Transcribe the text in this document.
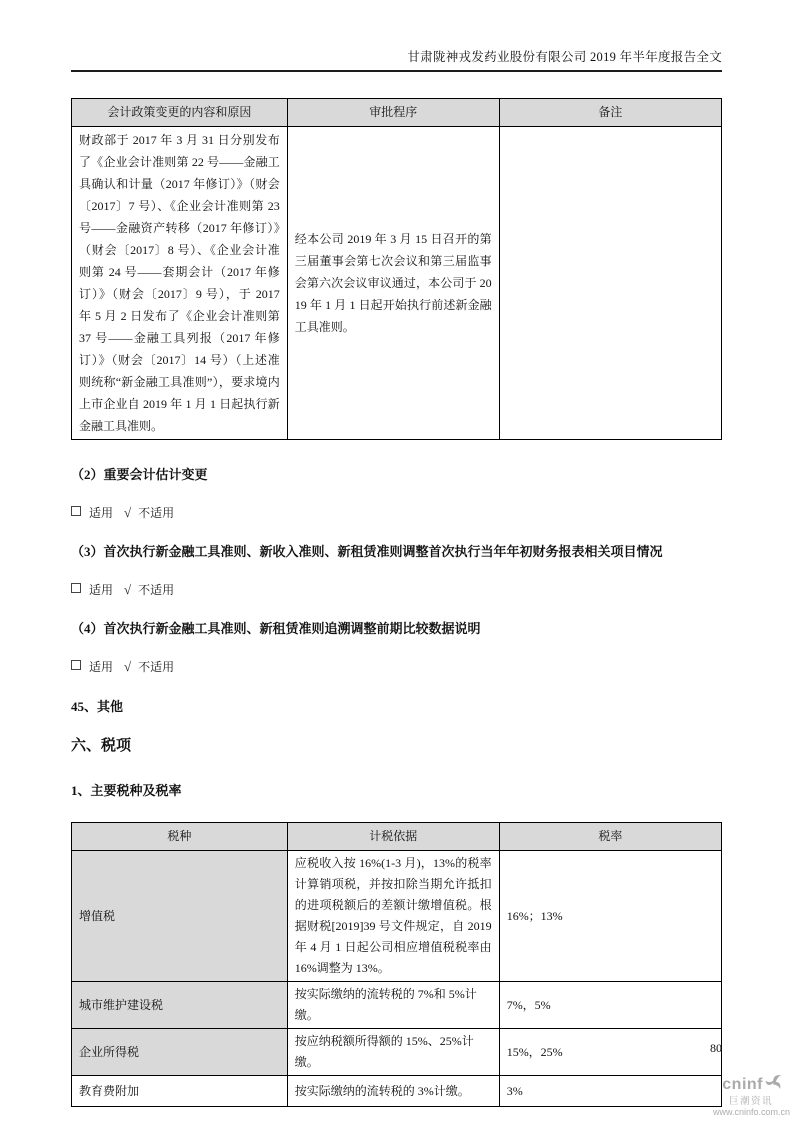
甘肃陇神戎发药业股份有限公司 2019 年半年度报告全文
会计政策变更的内容和原因	审批程序	备注
财政部于 2017 年 3 月 31 日分别发布了《企业会计准则第 22 号——金融工具确认和计量（2017 年修订）》（财会〔2017〕7 号）、《企业会计准则第 23 号——金融资产转移（2017 年修订）》（财会〔2017〕8 号）、《企业会计准则第 24 号——套期会计（2017 年修订）》（财会〔2017〕9 号），于 2017 年 5 月 2 日发布了《企业会计准则第 37 号——金融工具列报（2017 年修订）》（财会〔2017〕14 号）（上述准则统称“新金融工具准则”），要求境内上市企业自 2019 年 1 月 1 日起执行新金融工具准则。	经本公司 2019 年 3 月 15 日召开的第三届董事会第七次会议和第三届监事会第六次会议审议通过，本公司于 2019 年 1 月 1 日起开始执行前述新金融工具准则。	

（2）重要会计估计变更

适用 √ 不适用

（3）首次执行新金融工具准则、新收入准则、新租赁准则调整首次执行当年年初财务报表相关项目情况

适用 √ 不适用

（4）首次执行新金融工具准则、新租赁准则追溯调整前期比较数据说明

适用 √ 不适用

45、其他

六、税项

1、主要税种及税率

税种	计税依据	税率
增值税	应税收入按 16%(1-3 月)，13%的税率计算销项税，并按扣除当期允许抵扣的进项税额后的差额计缴增值税。根据财税[2019]39 号文件规定，自 2019 年 4 月 1 日起公司相应增值税税率由 16%调整为 13%。	16%；13%
城市维护建设税	按实际缴纳的流转税的 7%和 5%计缴。	7%，5%
企业所得税	按应纳税额所得额的 15%、25%计缴。	15%，25%
教育费附加	按实际缴纳的流转税的 3%计缴。	3%
80
cninf
巨潮资讯
www.cninfo.com.cn
